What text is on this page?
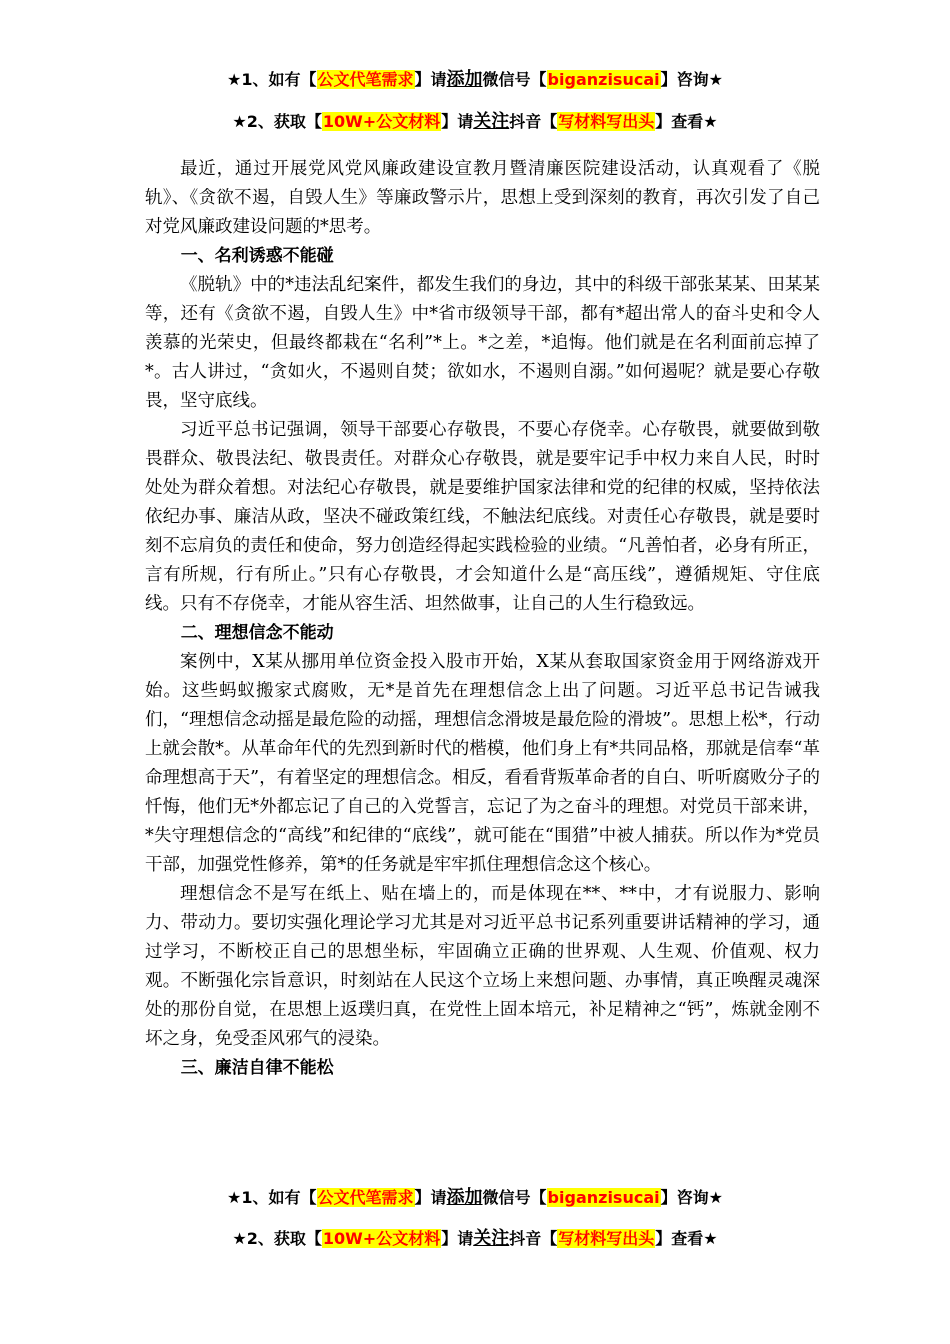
★1、如有【公文代笔需求】请添加微信号【biganzisucai】咨询★
★2、获取【10W+公文材料】请关注抖音【写材料写出头】查看★

最近，通过开展党风党风廉政建设宣教月暨清廉医院建设活动，认真观看了《脱轨》、《贪欲不遏，自毁人生》等廉政警示片，思想上受到深刻的教育，再次引发了自己对党风廉政建设问题的*思考。

一、名利诱惑不能碰

《脱轨》中的*违法乱纪案件，都发生我们的身边，其中的科级干部张某某、田某某等，还有《贪欲不遏，自毁人生》中*省市级领导干部，都有*超出常人的奋斗史和令人羡慕的光荣史，但最终都栽在“名利”*上。*之差，*追悔。他们就是在名利面前忘掉了*。古人讲过，“贪如火，不遏则自焚；欲如水，不遏则自溺。”如何遏呢？就是要心存敬畏，坚守底线。

习近平总书记强调，领导干部要心存敬畏，不要心存侥幸。心存敬畏，就要做到敬畏群众、敬畏法纪、敬畏责任。对群众心存敬畏，就是要牢记手中权力来自人民，时时处处为群众着想。对法纪心存敬畏，就是要维护国家法律和党的纪律的权威，坚持依法依纪办事、廉洁从政，坚决不碰政策红线，不触法纪底线。对责任心存敬畏，就是要时刻不忘肩负的责任和使命，努力创造经得起实践检验的业绩。“凡善怕者，必身有所正，言有所规，行有所止。”只有心存敬畏，才会知道什么是“高压线”，遵循规矩、守住底线。只有不存侥幸，才能从容生活、坦然做事，让自己的人生行稳致远。

二、理想信念不能动

案例中，X某从挪用单位资金投入股市开始，X某从套取国家资金用于网络游戏开始。这些蚂蚁搬家式腐败，无*是首先在理想信念上出了问题。习近平总书记告诫我们，“理想信念动摇是最危险的动摇，理想信念滑坡是最危险的滑坡”。思想上松*，行动上就会散*。从革命年代的先烈到新时代的楷模，他们身上有*共同品格，那就是信奉“革命理想高于天”，有着坚定的理想信念。相反，看看背叛革命者的自白、听听腐败分子的忏悔，他们无*外都忘记了自己的入党誓言，忘记了为之奋斗的理想。对党员干部来讲，*失守理想信念的“高线”和纪律的“底线”，就可能在“围猎”中被人捕获。所以作为*党员干部，加强党性修养，第*的任务就是牢牢抓住理想信念这个核心。

理想信念不是写在纸上、贴在墙上的，而是体现在**、**中，才有说服力、影响力、带动力。要切实强化理论学习尤其是对习近平总书记系列重要讲话精神的学习，通过学习，不断校正自己的思想坐标，牢固确立正确的世界观、人生观、价值观、权力观。不断强化宗旨意识，时刻站在人民这个立场上来想问题、办事情，真正唤醒灵魂深处的那份自觉，在思想上返璞归真，在党性上固本培元，补足精神之“钙”，炼就金刚不坏之身，免受歪风邪气的浸染。

三、廉洁自律不能松
★1、如有【公文代笔需求】请添加微信号【biganzisucai】咨询★
★2、获取【10W+公文材料】请关注抖音【写材料写出头】查看★
